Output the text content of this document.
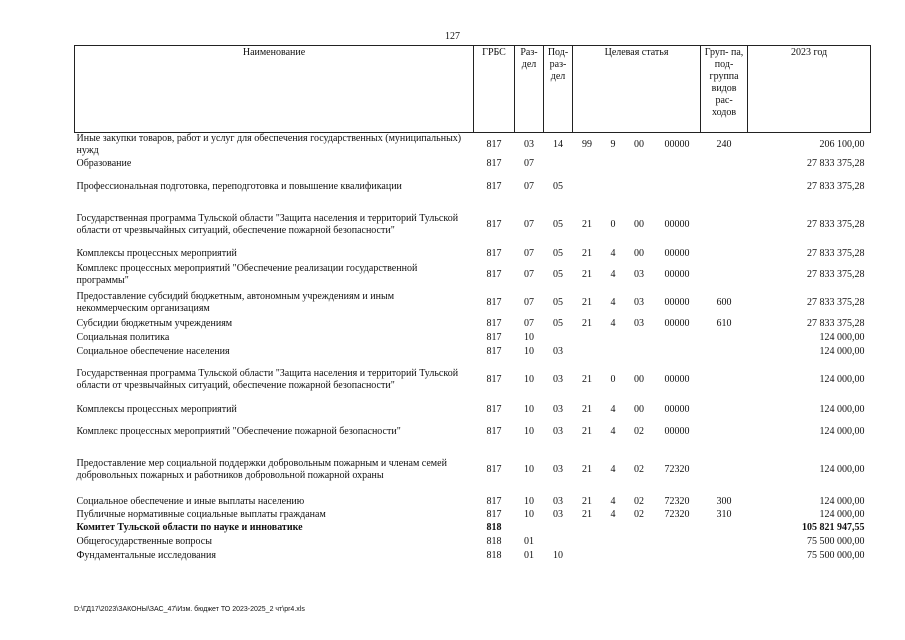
127
Наименование	ГРБС	Раз- дел	Под- раз- дел	Целевая статья				Груп- па, под- группа видов рас- ходов	2023 год
Иные закупки товаров, работ и услуг для обеспечения государственных (муниципальных) нужд	817	03	14	99	9	00	00000	240	206 100,00
Образование	817	07							27 833 375,28
Профессиональная подготовка, переподготовка и повышение квалификации	817	07	05						27 833 375,28
Государственная программа Тульской области "Защита населения и территорий Тульской области от чрезвычайных ситуаций, обеспечение пожарной безопасности"	817	07	05	21	0	00	00000		27 833 375,28
Комплексы процессных мероприятий	817	07	05	21	4	00	00000		27 833 375,28
Комплекс процессных мероприятий "Обеспечение реализации государственной программы"	817	07	05	21	4	03	00000		27 833 375,28
Предоставление субсидий бюджетным, автономным учреждениям и иным некоммерческим организациям	817	07	05	21	4	03	00000	600	27 833 375,28
Субсидии бюджетным учреждениям	817	07	05	21	4	03	00000	610	27 833 375,28
Социальная политика	817	10							124 000,00
Социальное обеспечение населения	817	10	03						124 000,00
Государственная программа Тульской области "Защита населения и территорий Тульской области от чрезвычайных ситуаций, обеспечение пожарной безопасности"	817	10	03	21	0	00	00000		124 000,00
Комплексы процессных мероприятий	817	10	03	21	4	00	00000		124 000,00
Комплекс процессных мероприятий "Обеспечение пожарной безопасности"	817	10	03	21	4	02	00000		124 000,00
Предоставление мер социальной поддержки добровольным пожарным и членам семей добровольных пожарных и работников добровольной пожарной охраны	817	10	03	21	4	02	72320		124 000,00
Социальное обеспечение и иные выплаты населению	817	10	03	21	4	02	72320	300	124 000,00
Публичные нормативные социальные выплаты гражданам	817	10	03	21	4	02	72320	310	124 000,00
Комитет Тульской области по науке и инноватике	818								105 821 947,55
Общегосударственные вопросы	818	01							75 500 000,00
Фундаментальные исследования	818	01	10						75 500 000,00
D:\ГД17\2023\ЗАКОНЫ\ЗАС_47\Изм. бюджет ТО 2023-2025_2 чт\pr4.xls
